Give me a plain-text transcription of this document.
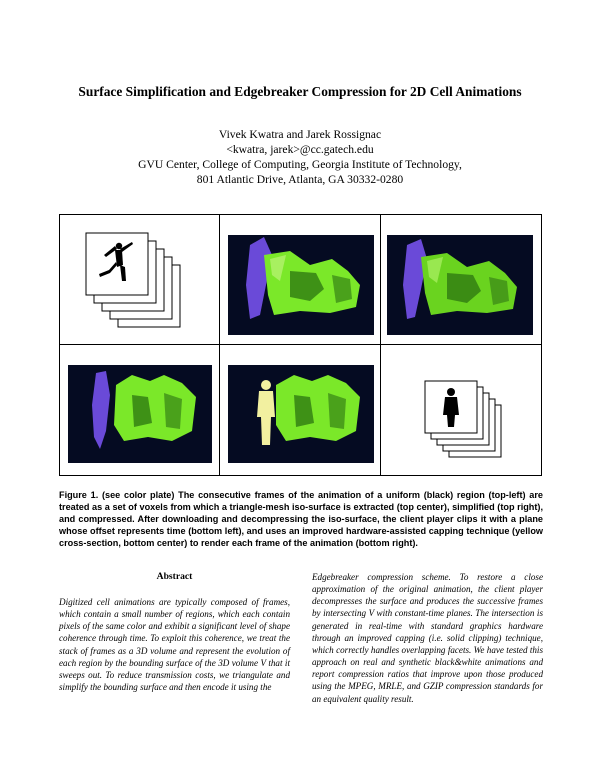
Surface Simplification and Edgebreaker Compression for 2D Cell Animations
Vivek Kwatra and Jarek Rossignac
<kwatra, jarek>@cc.gatech.edu
GVU Center, College of Computing, Georgia Institute of Technology,
801 Atlantic Drive, Atlanta, GA 30332-0280
Figure 1. (see color plate) The consecutive frames of the animation of a uniform (black) region (top-left) are treated as a set of voxels from which a triangle-mesh iso-surface is extracted (top center), simplified (top right), and compressed. After downloading and decompressing the iso-surface, the client player clips it with a plane whose offset represents time (bottom left), and uses an improved hardware-assisted capping technique (yellow cross-section, bottom center) to render each frame of the animation (bottom right).
Abstract
Digitized cell animations are typically composed of frames, which contain a small number of regions, which each contain pixels of the same color and exhibit a significant level of shape coherence through time. To exploit this coherence, we treat the stack of frames as a 3D volume and represent the evolution of each region by the bounding surface of the 3D volume V that it sweeps out. To reduce transmission costs, we triangulate and simplify the bounding surface and then encode it using the
Edgebreaker compression scheme. To restore a close approximation of the original animation, the client player decompresses the surface and produces the successive frames by intersecting V with constant-time planes. The intersection is generated in real-time with standard graphics hardware through an improved capping (i.e. solid clipping) technique, which correctly handles overlapping facets. We have tested this approach on real and synthetic black&white animations and report compression ratios that improve upon those produced using the MPEG, MRLE, and GZIP compression standards for an equivalent quality result.
